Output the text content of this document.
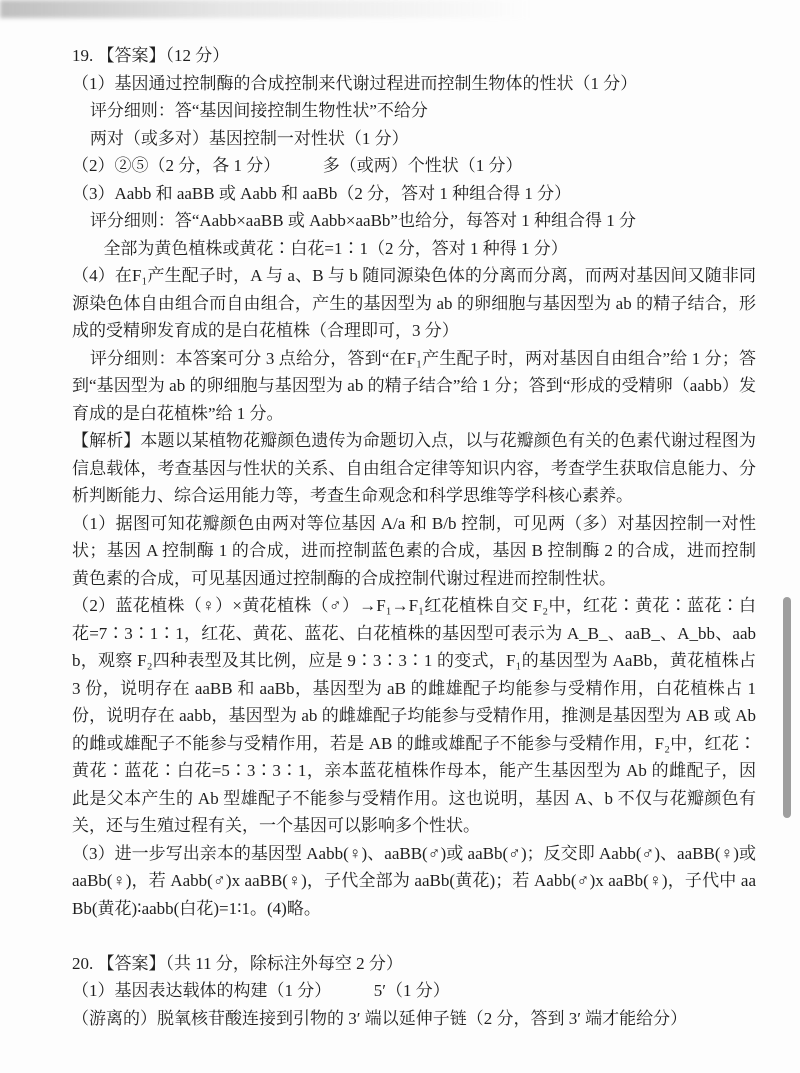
19. 【答案】（12 分）
（1）基因通过控制酶的合成控制来代谢过程进而控制生物体的性状（1 分）
评分细则：答“基因间接控制生物性状”不给分
两对（或多对）基因控制一对性状（1 分）
（2）②⑤（2 分，各 1 分）　　　多（或两）个性状（1 分）
（3）Aabb 和 aaBB 或 Aabb 和 aaBb（2 分，答对 1 种组合得 1 分）
评分细则：答“Aabb×aaBB 或 Aabb×aaBb”也给分，每答对 1 种组合得 1 分
全部为黄色植株或黄花∶白花=1∶1（2 分，答对 1 种得 1 分）
（4）在F₁产生配子时，A 与 a、B 与 b 随同源染色体的分离而分离，而两对基因间又随非同源染色体自由组合而自由组合，产生的基因型为 ab 的卵细胞与基因型为 ab 的精子结合，形成的受精卵发育成的是白花植株（合理即可，3 分）
评分细则：本答案可分 3 点给分，答到“在F₁产生配子时，两对基因自由组合”给 1 分；答到“基因型为 ab 的卵细胞与基因型为 ab 的精子结合”给 1 分；答到“形成的受精卵（aabb）发育成的是白花植株”给 1 分。
【解析】本题以某植物花瓣颜色遗传为命题切入点，以与花瓣颜色有关的色素代谢过程图为信息载体，考查基因与性状的关系、自由组合定律等知识内容，考查学生获取信息能力、分析判断能力、综合运用能力等，考查生命观念和科学思维等学科核心素养。
（1）据图可知花瓣颜色由两对等位基因 A/a 和 B/b 控制，可见两（多）对基因控制一对性状；基因 A 控制酶 1 的合成，进而控制蓝色素的合成，基因 B 控制酶 2 的合成，进而控制黄色素的合成，可见基因通过控制酶的合成控制代谢过程进而控制性状。
（2）蓝花植株（♀）×黄花植株（♂）→F₁→F₁红花植株自交 F₂中，红花∶黄花∶蓝花∶白花=7∶3∶1∶1，红花、黄花、蓝花、白花植株的基因型可表示为 A_B_、aaB_、A_bb、aabb，观察 F₂四种表型及其比例，应是 9∶3∶3∶1 的变式，F₁的基因型为 AaBb，黄花植株占 3 份，说明存在 aaBB 和 aaBb，基因型为 aB 的雌雄配子均能参与受精作用，白花植株占 1 份，说明存在 aabb，基因型为 ab 的雌雄配子均能参与受精作用，推测是基因型为 AB 或 Ab 的雌或雄配子不能参与受精作用，若是 AB 的雌或雄配子不能参与受精作用，F₂中，红花∶黄花∶蓝花∶白花=5∶3∶3∶1，亲本蓝花植株作母本，能产生基因型为 Ab 的雌配子，因此是父本产生的 Ab 型雄配子不能参与受精作用。这也说明，基因 A、b 不仅与花瓣颜色有关，还与生殖过程有关，一个基因可以影响多个性状。
（3）进一步写出亲本的基因型 Aabb(♀)、aaBB(♂)或 aaBb(♂)；反交即 Aabb(♂)、aaBB(♀)或 aaBb(♀)，若 Aabb(♂)x aaBB(♀)，子代全部为 aaBb(黄花)；若 Aabb(♂)x aaBb(♀)，子代中 aaBb(黄花)∶aabb(白花)=1∶1。(4)略。
20. 【答案】（共 11 分，除标注外每空 2 分）
（1）基因表达载体的构建（1 分）　　　5′（1 分）
（游离的）脱氧核苷酸连接到引物的 3′ 端以延伸子链（2 分，答到 3′ 端才能给分）
